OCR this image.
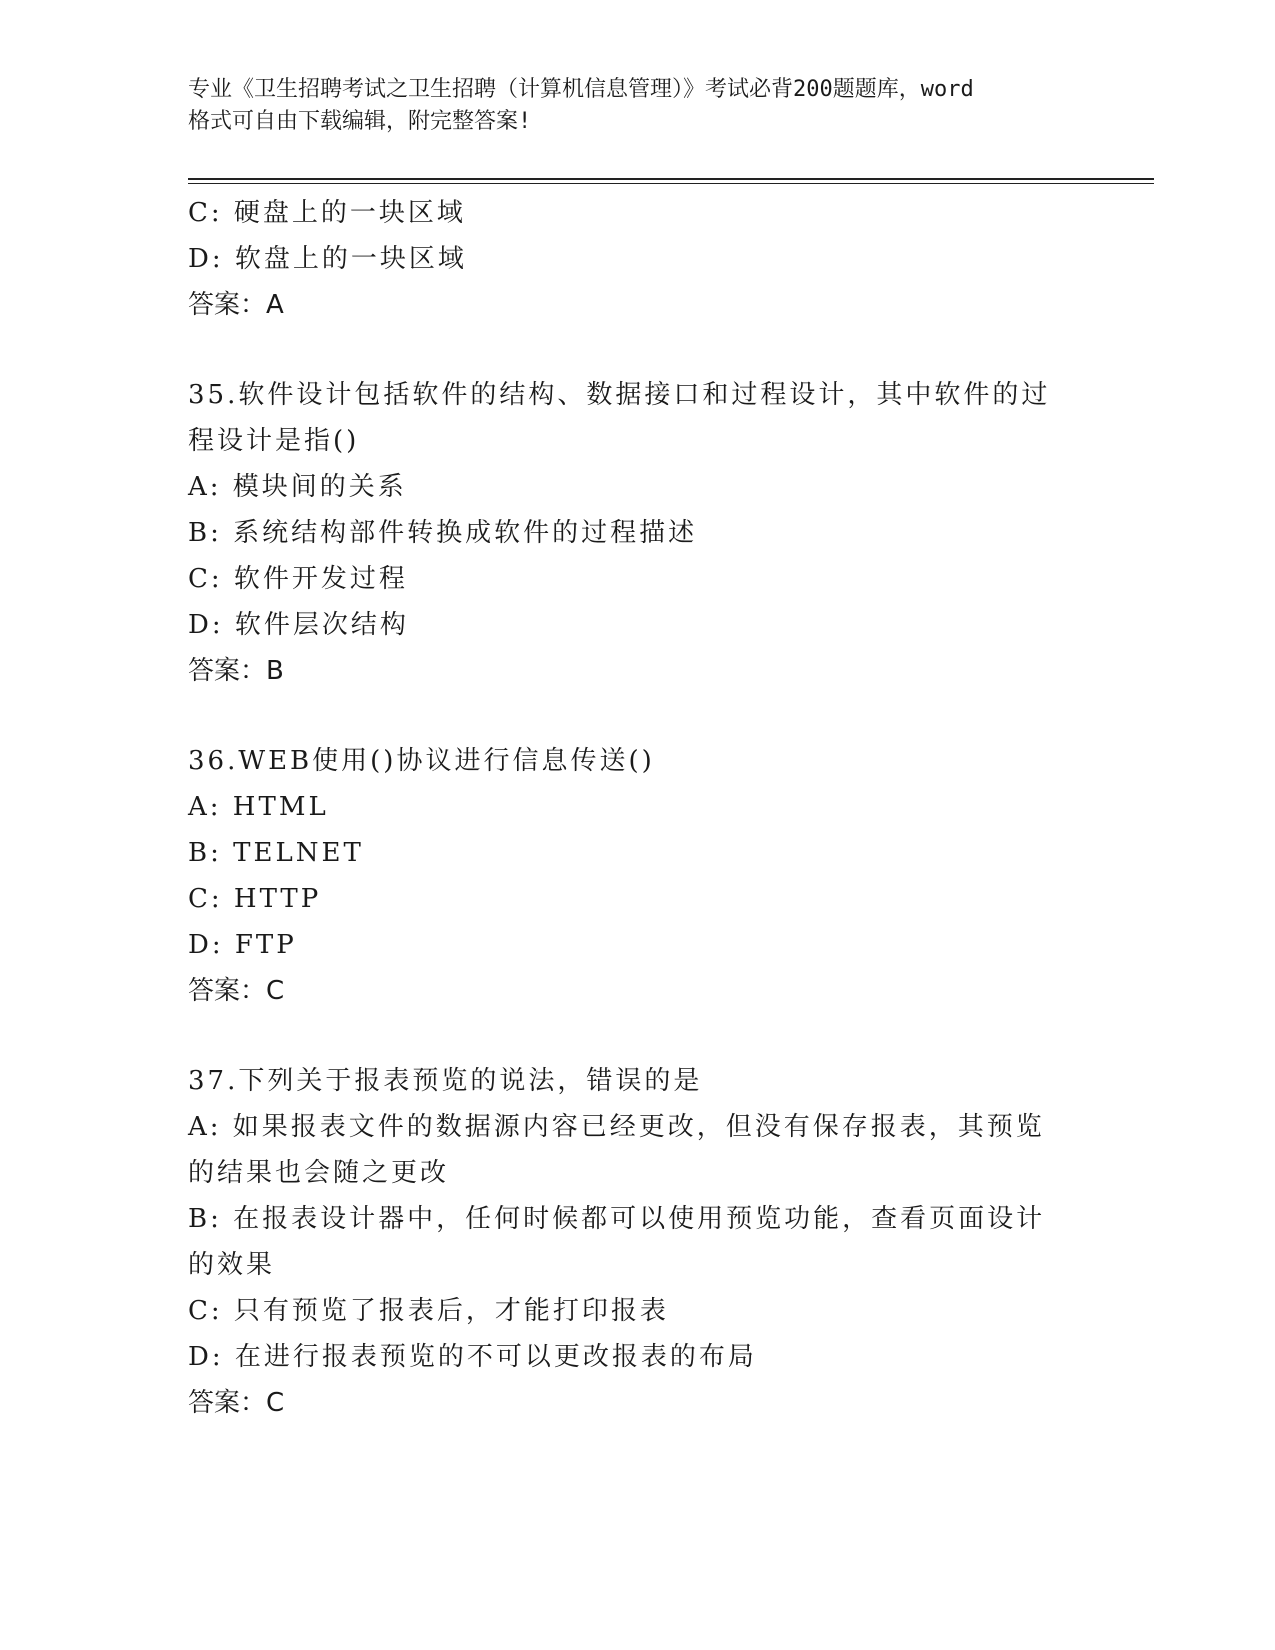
专业《卫生招聘考试之卫生招聘（计算机信息管理）》考试必背200题题库，word
格式可自由下载编辑，附完整答案!
C: 硬盘上的一块区域
D: 软盘上的一块区域
答案：A
35.软件设计包括软件的结构、数据接口和过程设计，其中软件的过程设计是指()
A: 模块间的关系
B: 系统结构部件转换成软件的过程描述
C: 软件开发过程
D: 软件层次结构
答案：B
36.WEB使用()协议进行信息传送()
A: HTML
B: TELNET
C: HTTP
D: FTP
答案：C
37.下列关于报表预览的说法，错误的是
A: 如果报表文件的数据源内容已经更改，但没有保存报表，其预览的结果也会随之更改
B: 在报表设计器中，任何时候都可以使用预览功能，查看页面设计的效果
C: 只有预览了报表后，才能打印报表
D: 在进行报表预览的不可以更改报表的布局
答案：C
